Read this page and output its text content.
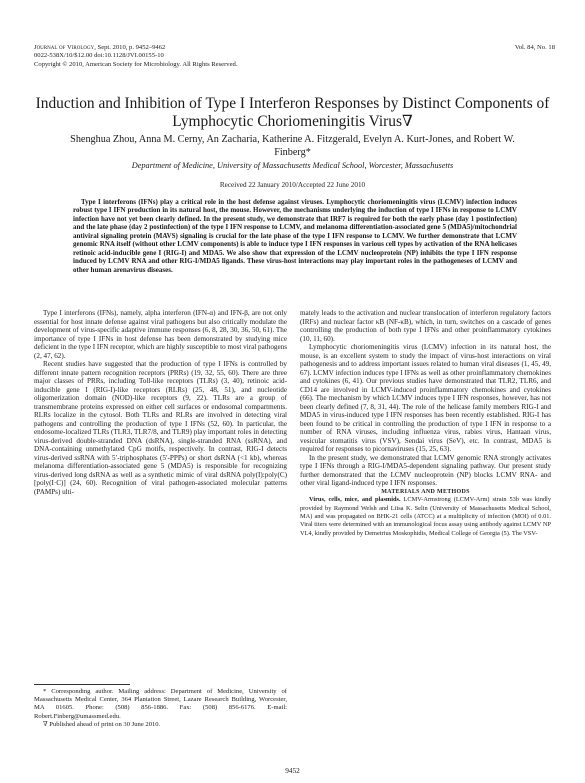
Journal of Virology, Sept. 2010, p. 9452–9462
0022-538X/10/$12.00 doi:10.1128/JVI.00155-10
Copyright © 2010, American Society for Microbiology. All Rights Reserved.
Vol. 84, No. 18
Induction and Inhibition of Type I Interferon Responses by Distinct Components of Lymphocytic Choriomeningitis Virus∇
Shenghua Zhou, Anna M. Cerny, An Zacharia, Katherine A. Fitzgerald, Evelyn A. Kurt-Jones, and Robert W. Finberg*
Department of Medicine, University of Massachusetts Medical School, Worcester, Massachusetts
Received 22 January 2010/Accepted 22 June 2010
Type I interferons (IFNs) play a critical role in the host defense against viruses. Lymphocytic choriomeningitis virus (LCMV) infection induces robust type I IFN production in its natural host, the mouse. However, the mechanisms underlying the induction of type I IFNs in response to LCMV infection have not yet been clearly defined. In the present study, we demonstrate that IRF7 is required for both the early phase (day 1 postinfection) and the late phase (day 2 postinfection) of the type I IFN response to LCMV, and melanoma differentiation-associated gene 5 (MDA5)/mitochondrial antiviral signaling protein (MAVS) signaling is crucial for the late phase of the type I IFN response to LCMV. We further demonstrate that LCMV genomic RNA itself (without other LCMV components) is able to induce type I IFN responses in various cell types by activation of the RNA helicases retinoic acid-inducible gene I (RIG-I) and MDA5. We also show that expression of the LCMV nucleoprotein (NP) inhibits the type I IFN response induced by LCMV RNA and other RIG-I/MDA5 ligands. These virus-host interactions may play important roles in the pathogeneses of LCMV and other human arenavirus diseases.

Type I interferons (IFNs), namely, alpha interferon (IFN-α) and IFN-β, are not only essential for host innate defense against viral pathogens but also critically modulate the development of virus-specific adaptive immune responses (6, 8, 28, 30, 36, 50, 61). The importance of type I IFNs in host defense has been demonstrated by studying mice deficient in the type I IFN receptor, which are highly susceptible to most viral pathogens (2, 47, 62).

Recent studies have suggested that the production of type I IFNs is controlled by different innate pattern recognition receptors (PRRs) (19, 32, 55, 60). There are three major classes of PRRs, including Toll-like receptors (TLRs) (3, 40), retinoic acid-inducible gene I (RIG-I)-like receptors (RLRs) (25, 48, 51), and nucleotide oligomerization domain (NOD)-like receptors (9, 22). TLRs are a group of transmembrane proteins expressed on either cell surfaces or endosomal compartments. RLRs localize in the cytosol. Both TLRs and RLRs are involved in detecting viral pathogens and controlling the production of type I IFNs (52, 60). In particular, the endosome-localized TLRs (TLR3, TLR7/8, and TLR9) play important roles in detecting virus-derived double-stranded DNA (dsRNA), single-stranded RNA (ssRNA), and DNA-containing unmethylated CpG motifs, respectively. In contrast, RIG-I detects virus-derived ssRNA with 5′-triphosphates (5′-PPPs) or short dsRNA (<1 kb), whereas melanoma differentiation-associated gene 5 (MDA5) is responsible for recognizing virus-derived long dsRNA as well as a synthetic mimic of viral dsRNA poly(I):poly(C) [poly(I·C)] (24, 60). Recognition of viral pathogen-associated molecular patterns (PAMPs) ulti-

mately leads to the activation and nuclear translocation of interferon regulatory factors (IRFs) and nuclear factor κB (NF-κB), which, in turn, switches on a cascade of genes controlling the production of both type I IFNs and other proinflammatory cytokines (10, 11, 60).

Lymphocytic choriomeningitis virus (LCMV) infection in its natural host, the mouse, is an excellent system to study the impact of virus-host interactions on viral pathogenesis and to address important issues related to human viral diseases (1, 45, 49, 67). LCMV infection induces type I IFNs as well as other proinflammatory chemokines and cytokines (6, 41). Our previous studies have demonstrated that TLR2, TLR6, and CD14 are involved in LCMV-induced proinflammatory chemokines and cytokines (66). The mechanism by which LCMV induces type I IFN responses, however, has not been clearly defined (7, 8, 31, 44). The role of the helicase family members RIG-I and MDA5 in virus-induced type I IFN responses has been recently established. RIG-I has been found to be critical in controlling the production of type I IFN in response to a number of RNA viruses, including influenza virus, rabies virus, Hantaan virus, vesicular stomatitis virus (VSV), Sendai virus (SeV), etc. In contrast, MDA5 is required for responses to picornaviruses (15, 25, 63).

In the present study, we demonstrated that LCMV genomic RNA strongly activates type I IFNs through a RIG-I/MDA5-dependent signaling pathway. Our present study further demonstrated that the LCMV nucleoprotein (NP) blocks LCMV RNA- and other viral ligand-induced type I IFN responses.

MATERIALS AND METHODS

Virus, cells, mice, and plasmids. LCMV-Armstrong (LCMV-Arm) strain 53b was kindly provided by Raymond Welsh and Liisa K. Selin (University of Massachusetts Medical School, MA) and was propagated on BHK-21 cells (ATCC) at a multiplicity of infection (MOI) of 0.01. Viral titers were determined with an immunological focus assay using antibody against LCMV NP VL4, kindly provided by Demetrius Moskophidis, Medical College of Georgia (5). The VSV-

* Corresponding author. Mailing address: Department of Medicine, University of Massachusetts Medical Center, 364 Plantation Street, Lazare Research Building, Worcester, MA 01605. Phone: (508) 856-1886. Fax: (508) 856-6176. E-mail: Robert.Finberg@umassmed.edu.

∇ Published ahead of print on 30 June 2010.

9452
